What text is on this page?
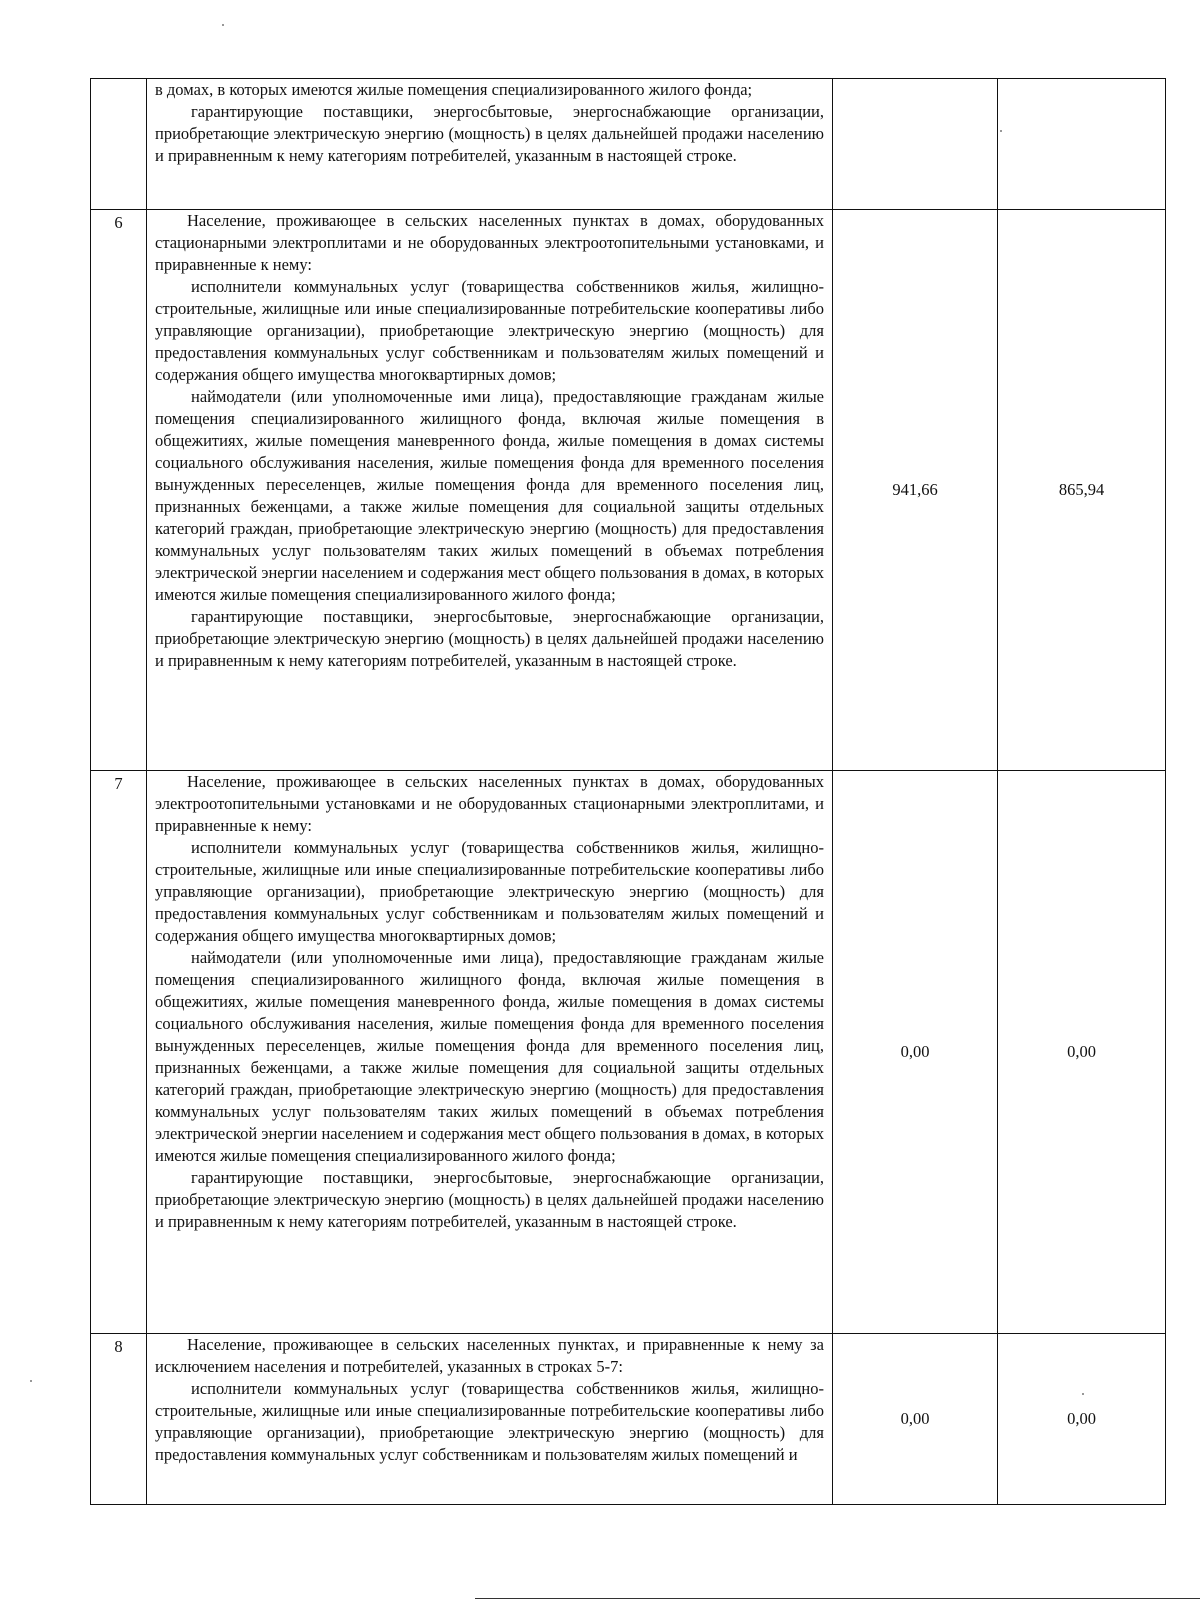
	в домах, в которых имеются жилые помещения специализированного жилого фонда;

гарантирующие поставщики, энергосбытовые, энергоснабжающие организации, приобретающие электрическую энергию (мощность) в целях дальнейшей продажи населению и приравненным к нему категориям потребителей, указанным в настоящей строке.		

6	Население, проживающее в сельских населенных пунктах в домах, оборудованных стационарными электроплитами и не оборудованных электроотопительными установками, и приравненные к нему:

исполнители коммунальных услуг (товарищества собственников жилья, жилищно-строительные, жилищные или иные специализированные потребительские кооперативы либо управляющие организации), приобретающие электрическую энергию (мощность) для предоставления коммунальных услуг собственникам и пользователям жилых помещений и содержания общего имущества многоквартирных домов;

наймодатели (или уполномоченные ими лица), предоставляющие гражданам жилые помещения специализированного жилищного фонда, включая жилые помещения в общежитиях, жилые помещения маневренного фонда, жилые помещения в домах системы социального обслуживания населения, жилые помещения фонда для временного поселения вынужденных переселенцев, жилые помещения фонда для временного поселения лиц, признанных беженцами, а также жилые помещения для социальной защиты отдельных категорий граждан, приобретающие электрическую энергию (мощность) для предоставления коммунальных услуг пользователям таких жилых помещений в объемах потребления электрической энергии населением и содержания мест общего пользования в домах, в которых имеются жилые помещения специализированного жилого фонда;

гарантирующие поставщики, энергосбытовые, энергоснабжающие организации, приобретающие электрическую энергию (мощность) в целях дальнейшей продажи населению и приравненным к нему категориям потребителей, указанным в настоящей строке.	941,66	865,94

7	Население, проживающее в сельских населенных пунктах в домах, оборудованных электроотопительными установками и не оборудованных стационарными электроплитами, и приравненные к нему:

исполнители коммунальных услуг (товарищества собственников жилья, жилищно-строительные, жилищные или иные специализированные потребительские кооперативы либо управляющие организации), приобретающие электрическую энергию (мощность) для предоставления коммунальных услуг собственникам и пользователям жилых помещений и содержания общего имущества многоквартирных домов;

наймодатели (или уполномоченные ими лица), предоставляющие гражданам жилые помещения специализированного жилищного фонда, включая жилые помещения в общежитиях, жилые помещения маневренного фонда, жилые помещения в домах системы социального обслуживания населения, жилые помещения фонда для временного поселения вынужденных переселенцев, жилые помещения фонда для временного поселения лиц, признанных беженцами, а также жилые помещения для социальной защиты отдельных категорий граждан, приобретающие электрическую энергию (мощность) для предоставления коммунальных услуг пользователям таких жилых помещений в объемах потребления электрической энергии населением и содержания мест общего пользования в домах, в которых имеются жилые помещения специализированного жилого фонда;

гарантирующие поставщики, энергосбытовые, энергоснабжающие организации, приобретающие электрическую энергию (мощность) в целях дальнейшей продажи населению и приравненным к нему категориям потребителей, указанным в настоящей строке.	0,00	0,00

8	Население, проживающее в сельских населенных пунктах, и приравненные к нему за исключением населения и потребителей, указанных в строках 5-7:

исполнители коммунальных услуг (товарищества собственников жилья, жилищно-строительные, жилищные или иные специализированные потребительские кооперативы либо управляющие организации), приобретающие электрическую энергию (мощность) для предоставления коммунальных услуг собственникам и пользователям жилых помещений и	0,00	0,00
